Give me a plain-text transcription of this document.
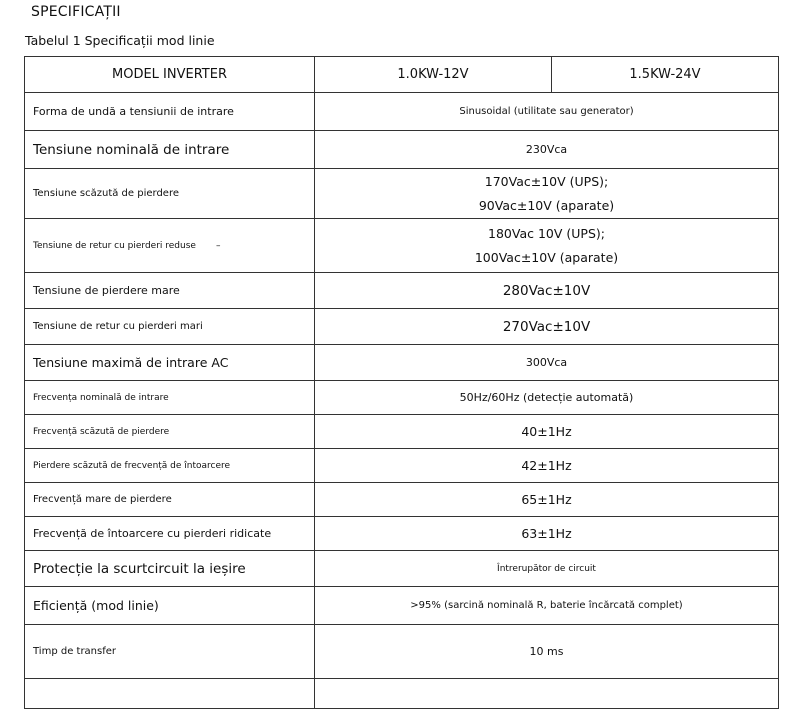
SPECIFICAȚII
Tabelul 1 Specificații mod linie
MODEL INVERTER	1.0KW-12V	1.5KW-24V
Forma de undă a tensiunii de intrare	Sinusoidal (utilitate sau generator)	
Tensiune nominală de intrare	230Vca	
Tensiune scăzută de pierdere	170Vac±10V (UPS);
90Vac±10V (aparate)	

Tensiune de retur cu pierderi reduse –	180Vac 10V (UPS);
100Vac±10V (aparate)	

Tensiune de pierdere mare	280Vac±10V	
Tensiune de retur cu pierderi mari	270Vac±10V	
Tensiune maximă de intrare AC	300Vca	
Frecvența nominală de intrare	50Hz/60Hz (detecție automată)	
Frecvență scăzută de pierdere	40±1Hz	
Pierdere scăzută de frecvență de întoarcere	42±1Hz	
Frecvență mare de pierdere	65±1Hz	
Frecvență de întoarcere cu pierderi ridicate	63±1Hz	
Protecție la scurtcircuit la ieșire	Întrerupător de circuit	
Eficiență (mod linie)	>95% (sarcină nominală R, baterie încărcată complet)	
Timp de transfer	10 ms	
